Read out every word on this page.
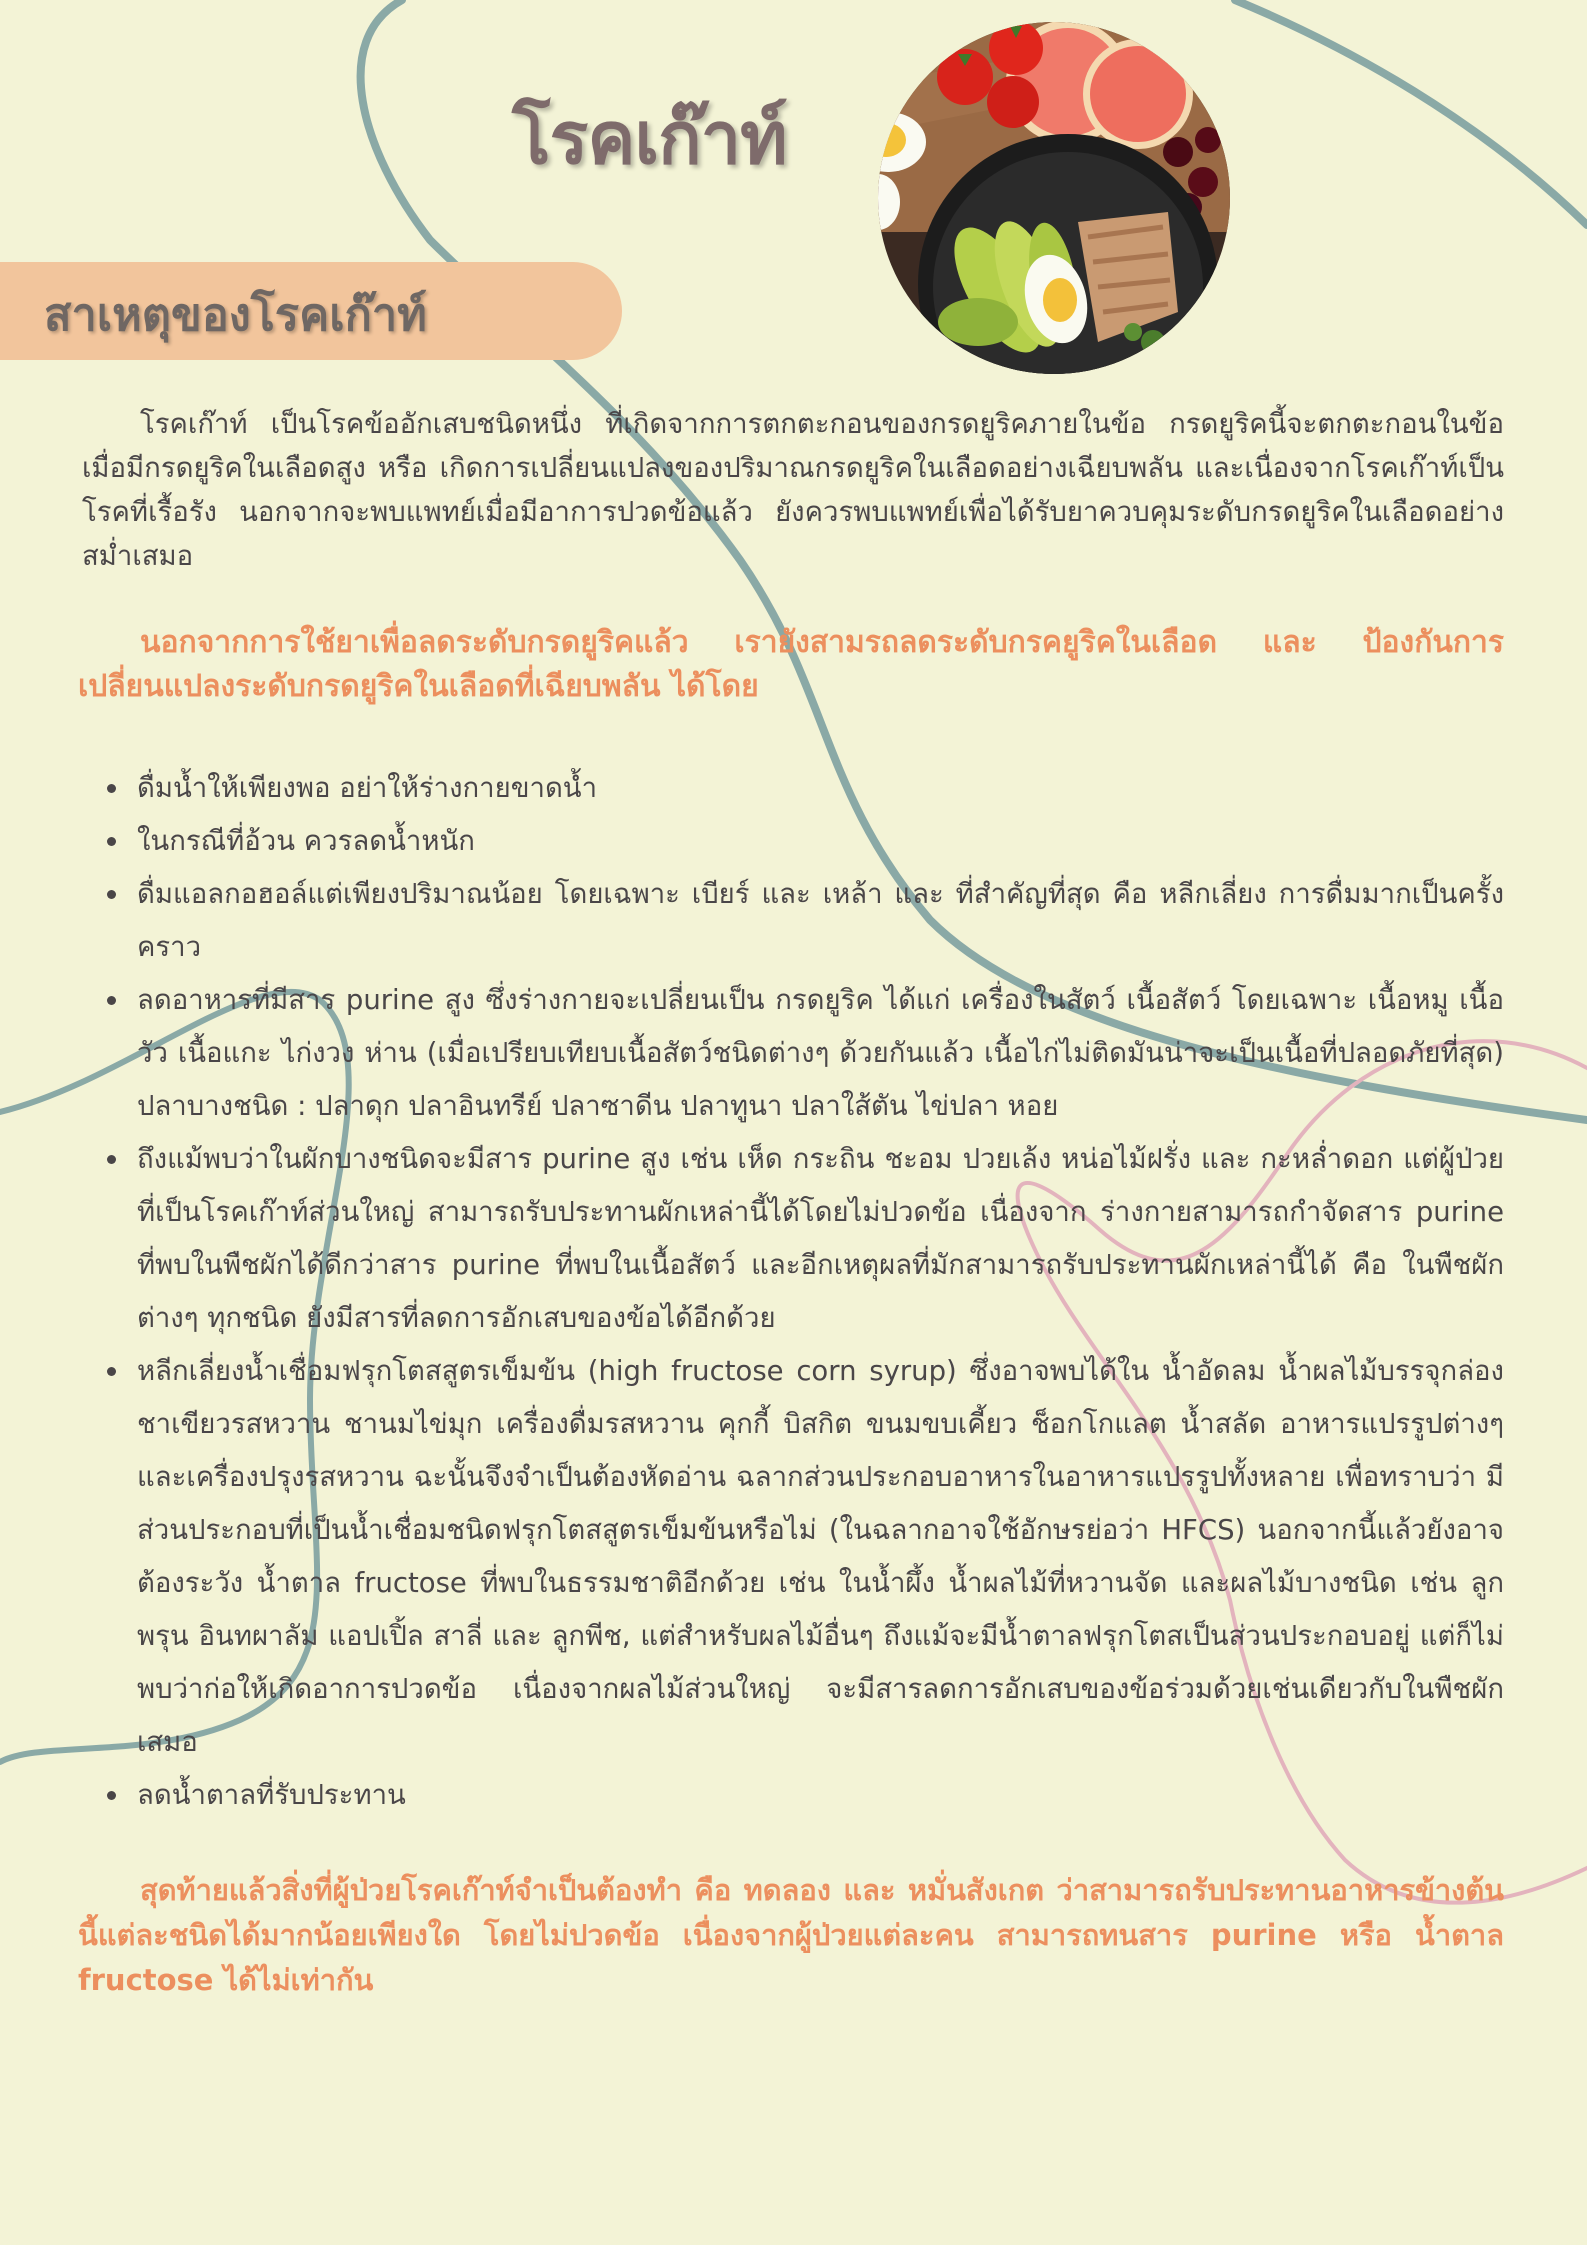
โรคเก๊าท์
สาเหตุของโรคเก๊าท์

โรคเก๊าท์ เป็นโรคข้ออักเสบชนิดหนึ่ง ที่เกิดจากการตกตะกอนของกรดยูริคภายในข้อ กรดยูริคนี้จะตกตะกอนในข้อ เมื่อมีกรดยูริคในเลือดสูง หรือ เกิดการเปลี่ยนแปลงของปริมาณกรดยูริคในเลือดอย่างเฉียบพลัน และเนื่องจากโรคเก๊าท์เป็นโรคที่เรื้อรัง นอกจากจะพบแพทย์เมื่อมีอาการปวดข้อแล้ว ยังควรพบแพทย์เพื่อได้รับยาควบคุมระดับกรดยูริคในเลือดอย่างสม่ำเสมอ

นอกจากการใช้ยาเพื่อลดระดับกรดยูริคแล้ว เรายังสามรถลดระดับกรคยูริคในเลือด และ ป้องกันการเปลี่ยนแปลงระดับกรดยูริคในเลือดที่เฉียบพลัน ได้โดย

ดื่มน้ำให้เพียงพอ อย่าให้ร่างกายขาดน้ำ
ในกรณีที่อ้วน ควรลดน้ำหนัก
ดื่มแอลกอฮอล์แต่เพียงปริมาณน้อย โดยเฉพาะ เบียร์ และ เหล้า และ ที่สำคัญที่สุด คือ หลีกเลี่ยง การดื่มมากเป็นครั้งคราว
ลดอาหารที่มีสาร purine สูง ซึ่งร่างกายจะเปลี่ยนเป็น กรดยูริค ได้แก่ เครื่องในสัตว์ เนื้อสัตว์ โดยเฉพาะ เนื้อหมู เนื้อวัว เนื้อแกะ ไก่งวง ห่าน (เมื่อเปรียบเทียบเนื้อสัตว์ชนิดต่างๆ ด้วยกันแล้ว เนื้อไก่ไม่ติดมันน่าจะเป็นเนื้อที่ปลอดภัยที่สุด) ปลาบางชนิด : ปลาดุก ปลาอินทรีย์ ปลาซาดีน ปลาทูนา ปลาใส้ตัน ไข่ปลา หอย
ถึงแม้พบว่าในผักบางชนิดจะมีสาร purine สูง เช่น เห็ด กระถิน ชะอม ปวยเล้ง หน่อไม้ฝรั่ง และ กะหล่ำดอก แต่ผู้ป่วยที่เป็นโรคเก๊าท์ส่วนใหญ่ สามารถรับประทานผักเหล่านี้ได้โดยไม่ปวดข้อ เนื่องจาก ร่างกายสามารถกำจัดสาร purine ที่พบในพืชผักได้ดีกว่าสาร purine ที่พบในเนื้อสัตว์ และอีกเหตุผลที่มักสามารถรับประทานผักเหล่านี้ได้ คือ ในพืชผักต่างๆ ทุกชนิด ยังมีสารที่ลดการอักเสบของข้อได้อีกด้วย
หลีกเลี่ยงน้ำเชื่อมฟรุกโตสสูตรเข็มข้น (high fructose corn syrup) ซึ่งอาจพบได้ใน น้ำอัดลม น้ำผลไม้บรรจุกล่อง ชาเขียวรสหวาน ชานมไข่มุก เครื่องดื่มรสหวาน คุกกี้ บิสกิต ขนมขบเคี้ยว ช็อกโกแลต น้ำสลัด อาหารแปรรูปต่างๆ และเครื่องปรุงรสหวาน ฉะนั้นจึงจำเป็นต้องหัดอ่าน ฉลากส่วนประกอบอาหารในอาหารแปรรูปทั้งหลาย เพื่อทราบว่า มีส่วนประกอบที่เป็นน้ำเชื่อมชนิดฟรุกโตสสูตรเข็มข้นหรือไม่ (ในฉลากอาจใช้อักษรย่อว่า HFCS) นอกจากนี้แล้วยังอาจต้องระวัง น้ำตาล fructose ที่พบในธรรมชาติอีกด้วย เช่น ในน้ำผึ้ง น้ำผลไม้ที่หวานจัด และผลไม้บางชนิด เช่น ลูกพรุน อินทผาลัม แอปเปิ้ล สาลี่ และ ลูกพีช, แต่สำหรับผลไม้อื่นๆ ถึงแม้จะมีน้ำตาลฟรุกโตสเป็นส่วนประกอบอยู่ แต่ก็ไม่พบว่าก่อให้เกิดอาการปวดข้อ เนื่องจากผลไม้ส่วนใหญ่ จะมีสารลดการอักเสบของข้อร่วมด้วยเช่นเดียวกับในพืชผักเสมอ
ลดน้ำตาลที่รับประทาน

สุดท้ายแล้วสิ่งที่ผู้ป่วยโรคเก๊าท์จำเป็นต้องทำ คือ ทดลอง และ หมั่นสังเกต ว่าสามารถรับประทานอาหารข้างต้นนี้แต่ละชนิดได้มากน้อยเพียงใด โดยไม่ปวดข้อ เนื่องจากผู้ป่วยแต่ละคน สามารถทนสาร purine หรือ น้ำตาล fructose ได้ไม่เท่ากัน
